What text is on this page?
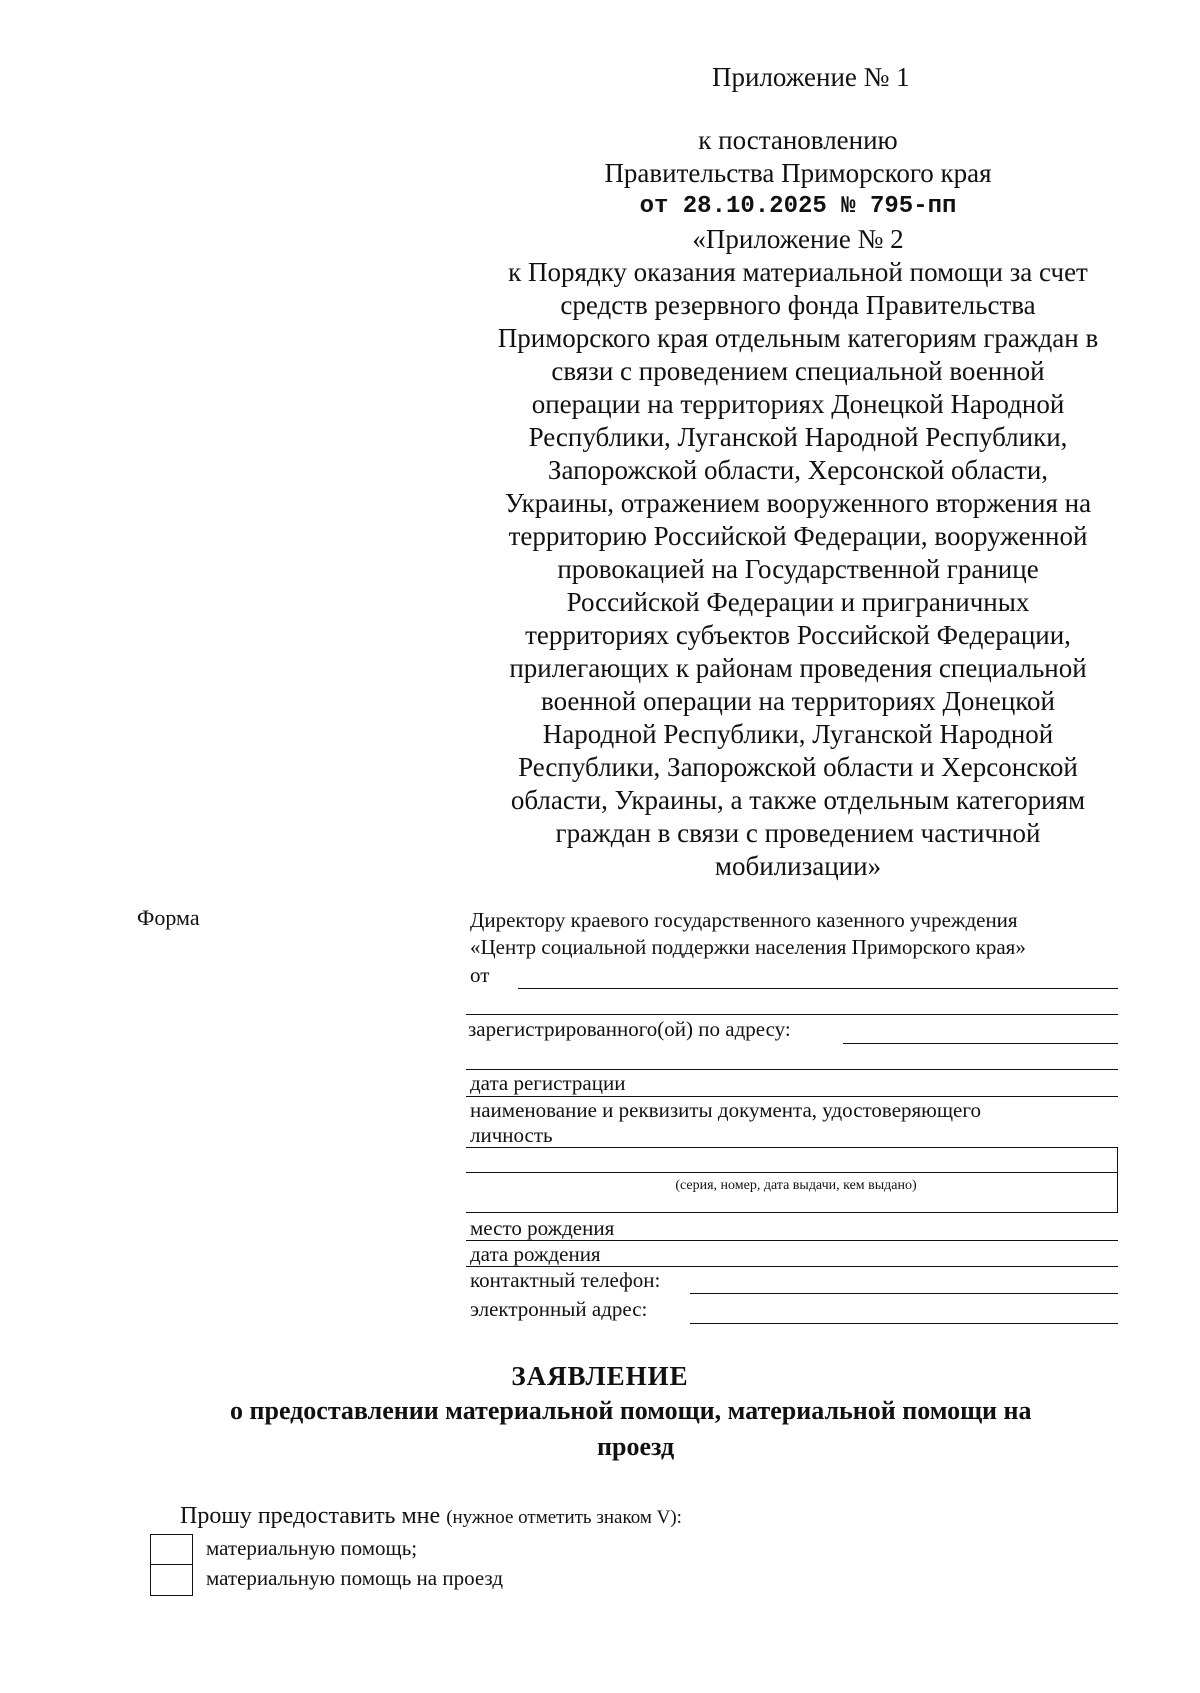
Приложение № 1
к постановлению
Правительства Приморского края
от 28.10.2025 № 795-пп
«Приложение № 2
к Порядку оказания материальной помощи за счет
средств резервного фонда Правительства
Приморского края отдельным категориям граждан в
связи с проведением специальной военной
операции на территориях Донецкой Народной
Республики, Луганской Народной Республики,
Запорожской области, Херсонской области,
Украины, отражением вооруженного вторжения на
территорию Российской Федерации, вооруженной
провокацией на Государственной границе
Российской Федерации и приграничных
территориях субъектов Российской Федерации,
прилегающих к районам проведения специальной
военной операции на территориях Донецкой
Народной Республики, Луганской Народной
Республики, Запорожской области и Херсонской
области, Украины, а также отдельным категориям
граждан в связи с проведением частичной
мобилизации»
Форма	Директору краевого государственного казенного учреждения
«Центр социальной поддержки населения Приморского края»
от
зарегистрированного(ой) по адресу:
дата регистрации
наименование и реквизиты документа, удостоверяющего
личность
(серия, номер, дата выдачи, кем выдано)
место рождения
дата рождения
контактный телефон:
электронный адрес:
ЗАЯВЛЕНИЕ
о предоставлении материальной помощи, материальной помощи на
проезд
Прошу предоставить мне (нужное отметить знаком V):
материальную помощь;
материальную помощь на проезд
